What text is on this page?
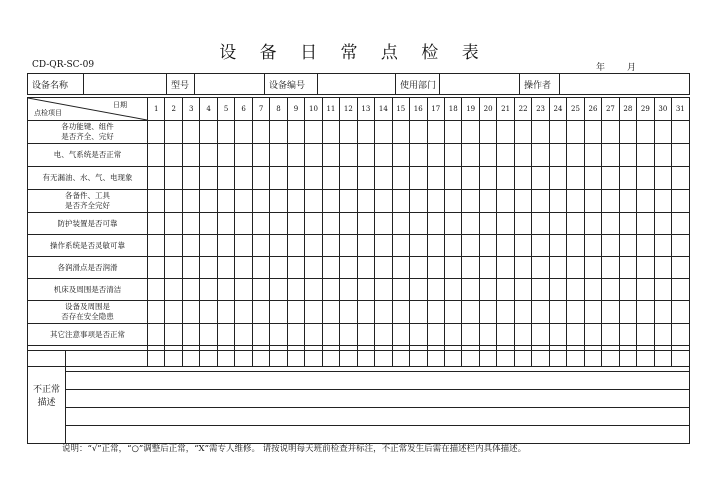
设 备 日 常 点 检 表
CD-QR-SC-09	年 月
设备名称		型号		设备编号		使用部门		操作者	
日期
点检项目	1	2	3	4	5	6	7	8	9	10	11	12	13	14	15	16	17	18	19	20	21	22	23	24	25	26	27	28	29	30	31

各功能键、组件
是否齐全、完好																															

电、气系统是否正常																															

有无漏油、水、气、电现象																															

各备件、工具
是否齐全完好																															

防护装置是否可靠																															

操作系统是否灵敏可靠																															

各润滑点是否润滑																															

机床及周围是否清洁																															

设备及周围是
否存在安全隐患																															

其它注意事项是否正常																															

不正常
描述

说明：“√”正常，“○”调整后正常，“X”需专人维修。 请按说明每天班前检查并标注，不正常发生后需在描述栏内具体描述。
